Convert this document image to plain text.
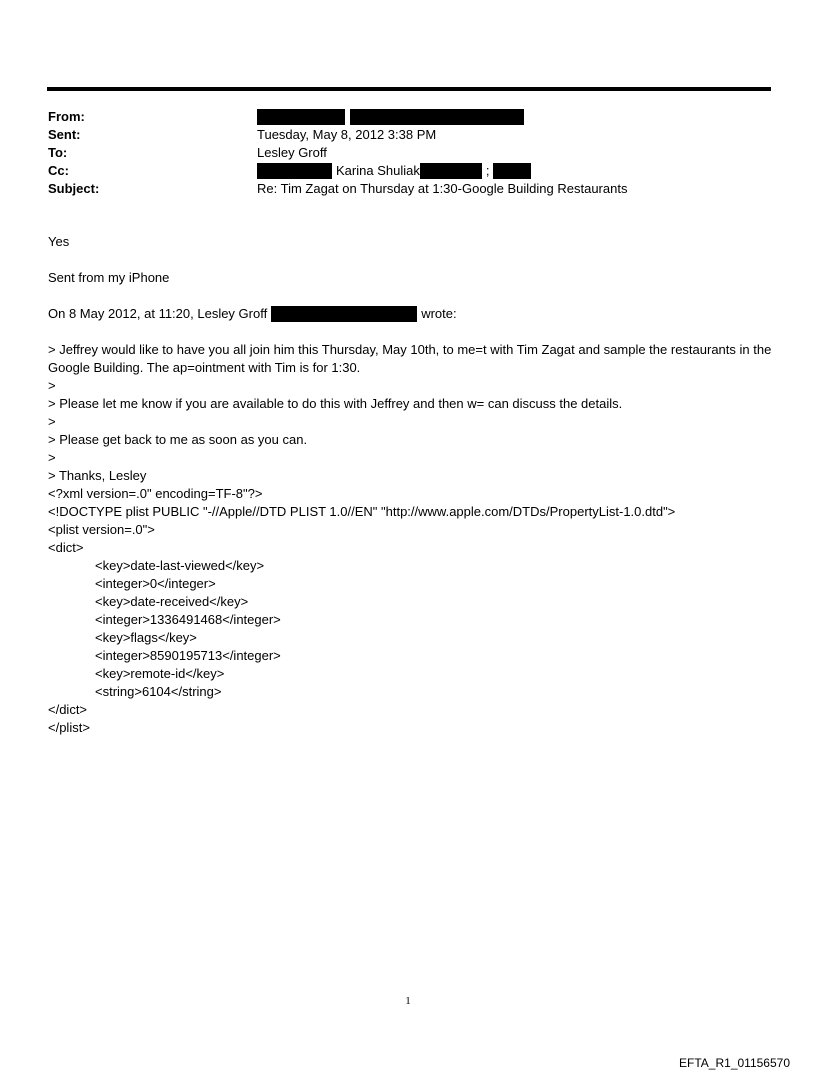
From:
Sent:	Tuesday, May 8, 2012 3:38 PM
To:	Lesley Groff
Cc:	Karina Shuliak	;
Subject:	Re: Tim Zagat on Thursday at 1:30-Google Building Restaurants
Yes
Sent from my iPhone
On 8 May 2012, at 11:20, Lesley Groff	wrote:
> Jeffrey would like to have you all join him this Thursday, May 10th, to me=t with Tim Zagat and sample the restaurants in the Google Building. The ap=ointment with Tim is for 1:30.
>
> Please let me know if you are available to do this with Jeffrey and then w= can discuss the details.
>
> Please get back to me as soon as you can.
>
> Thanks, Lesley
<?xml version=.0" encoding=TF-8"?>
<!DOCTYPE plist PUBLIC "-//Apple//DTD PLIST 1.0//EN" "http://www.apple.com/DTDs/PropertyList-1.0.dtd">
<plist version=.0">
<dict>
<key>date-last-viewed</key>
<integer>0</integer>
<key>date-received</key>
<integer>1336491468</integer>
<key>flags</key>
<integer>8590195713</integer>
<key>remote-id</key>
<string>6104</string>
</dict>
</plist>
1
EFTA_R1_01156570
